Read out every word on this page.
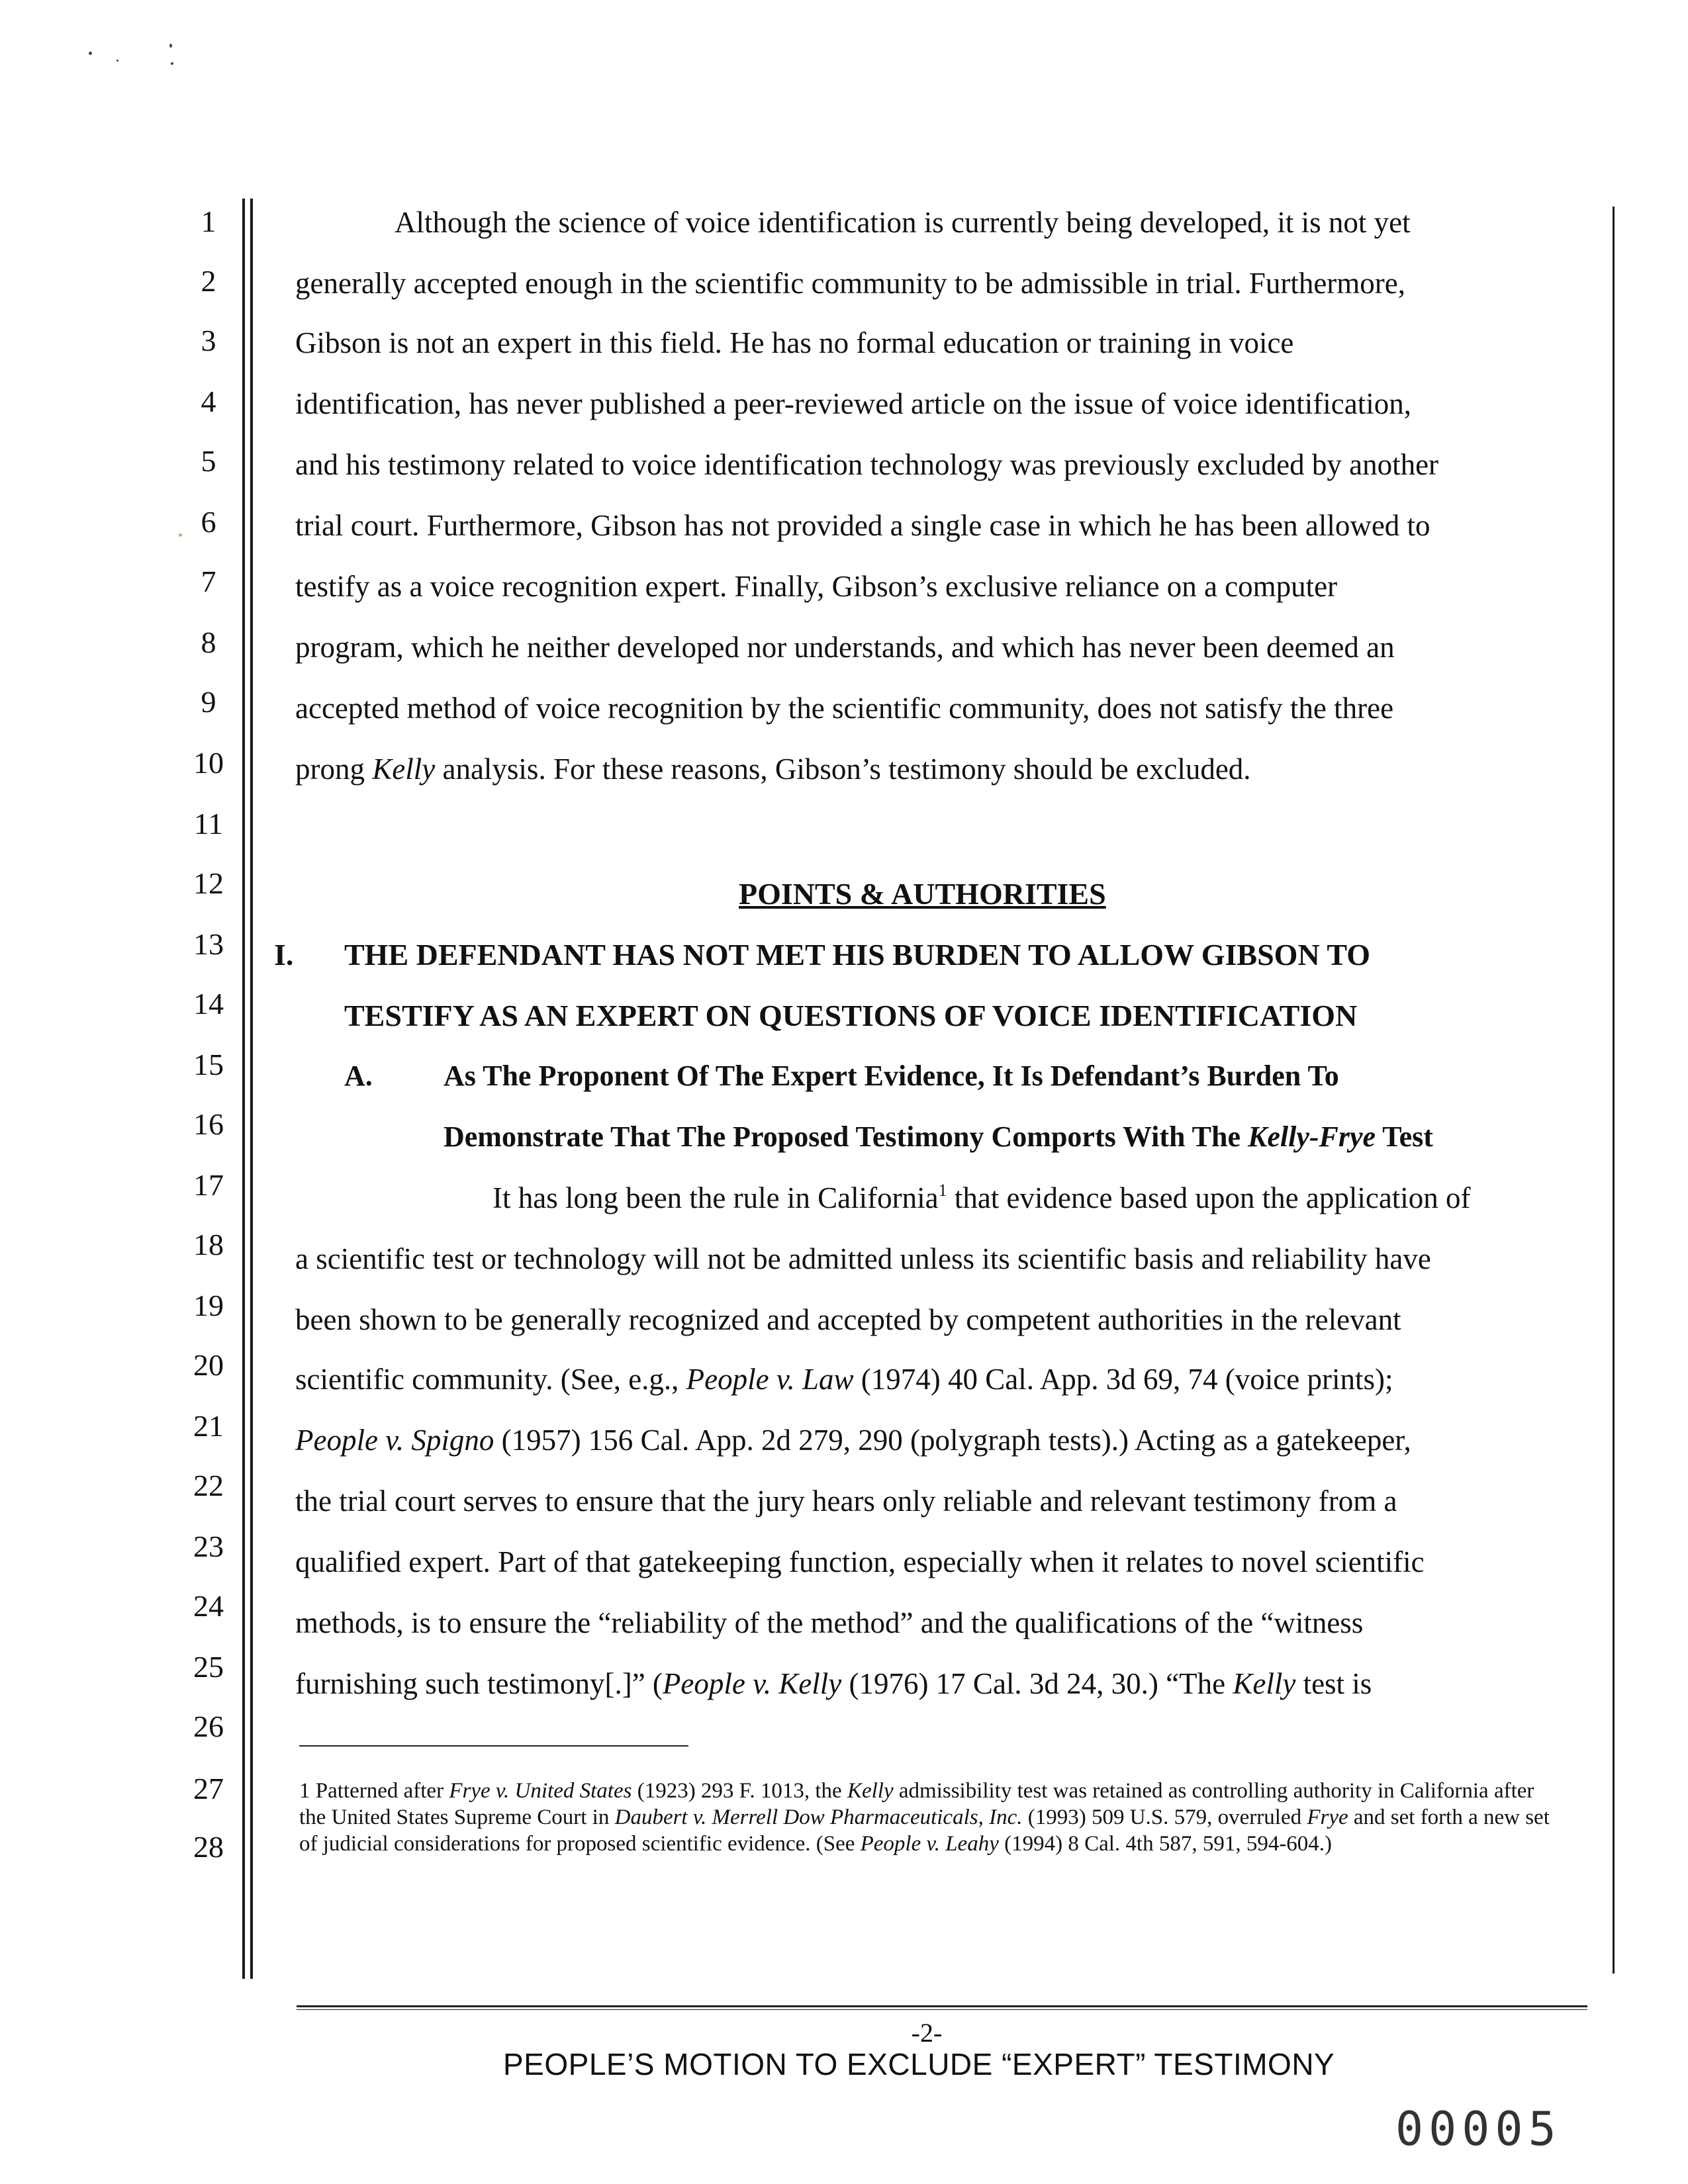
1
2
3
4
5
6
7
8
9
10
11
12
13
14
15
16
17
18
19
20
21
22
23
24
25
26
27
28
Although the science of voice identification is currently being developed, it is not yet
generally accepted enough in the scientific community to be admissible in trial. Furthermore,
Gibson is not an expert in this field. He has no formal education or training in voice
identification, has never published a peer-reviewed article on the issue of voice identification,
and his testimony related to voice identification technology was previously excluded by another
trial court. Furthermore, Gibson has not provided a single case in which he has been allowed to
testify as a voice recognition expert. Finally, Gibson’s exclusive reliance on a computer
program, which he neither developed nor understands, and which has never been deemed an
accepted method of voice recognition by the scientific community, does not satisfy the three
prong Kelly analysis. For these reasons, Gibson’s testimony should be excluded.
POINTS & AUTHORITIES
I. THE DEFENDANT HAS NOT MET HIS BURDEN TO ALLOW GIBSON TO
TESTIFY AS AN EXPERT ON QUESTIONS OF VOICE IDENTIFICATION
A. As The Proponent Of The Expert Evidence, It Is Defendant’s Burden To
Demonstrate That The Proposed Testimony Comports With The Kelly-Frye Test
It has long been the rule in California$^1$ that evidence based upon the application of
a scientific test or technology will not be admitted unless its scientific basis and reliability have
been shown to be generally recognized and accepted by competent authorities in the relevant
scientific community. (See, e.g., People v. Law (1974) 40 Cal. App. 3d 69, 74 (voice prints);
People v. Spigno (1957) 156 Cal. App. 2d 279, 290 (polygraph tests).) Acting as a gatekeeper,
the trial court serves to ensure that the jury hears only reliable and relevant testimony from a
qualified expert. Part of that gatekeeping function, especially when it relates to novel scientific
methods, is to ensure the “reliability of the method” and the qualifications of the “witness
furnishing such testimony[.]” (People v. Kelly (1976) 17 Cal. 3d 24, 30.) “The Kelly test is
1 Patterned after Frye v. United States (1923) 293 F. 1013, the Kelly admissibility test was retained as controlling authority in California after the United States Supreme Court in Daubert v. Merrell Dow Pharmaceuticals, Inc. (1993) 509 U.S. 579, overruled Frye and set forth a new set of judicial considerations for proposed scientific evidence. (See People v. Leahy (1994) 8 Cal. 4th 587, 591, 594-604.)
-2-
PEOPLE’S MOTION TO EXCLUDE “EXPERT” TESTIMONY
00005
